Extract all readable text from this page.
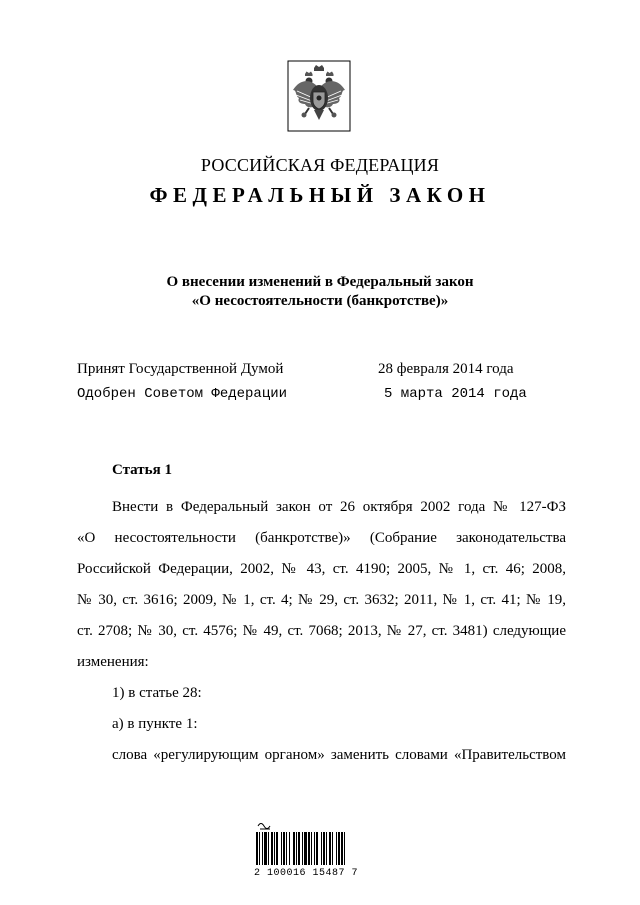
РОССИЙСКАЯ ФЕДЕРАЦИЯ
ФЕДЕРАЛЬНЫЙ ЗАКОН
О внесении изменений в Федеральный закон
«О несостоятельности (банкротстве)»
Принят Государственной Думой	28 февраля 2014 года
Одобрен Советом Федерации	5 марта 2014 года
Статья 1
Внести в Федеральный закон от 26 октября 2002 года № 127-ФЗ
«О несостоятельности (банкротстве)» (Собрание законодательства
Российской Федерации, 2002, № 43, ст. 4190; 2005, № 1, ст. 46; 2008,
№ 30, ст. 3616; 2009, № 1, ст. 4; № 29, ст. 3632; 2011, № 1, ст. 41; № 19,
ст. 2708; № 30, ст. 4576; № 49, ст. 7068; 2013, № 27, ст. 3481) следующие
изменения:
1) в статье 28:
а) в пункте 1:
слова «регулирующим органом» заменить словами «Правительством
2 100016 15487 7
